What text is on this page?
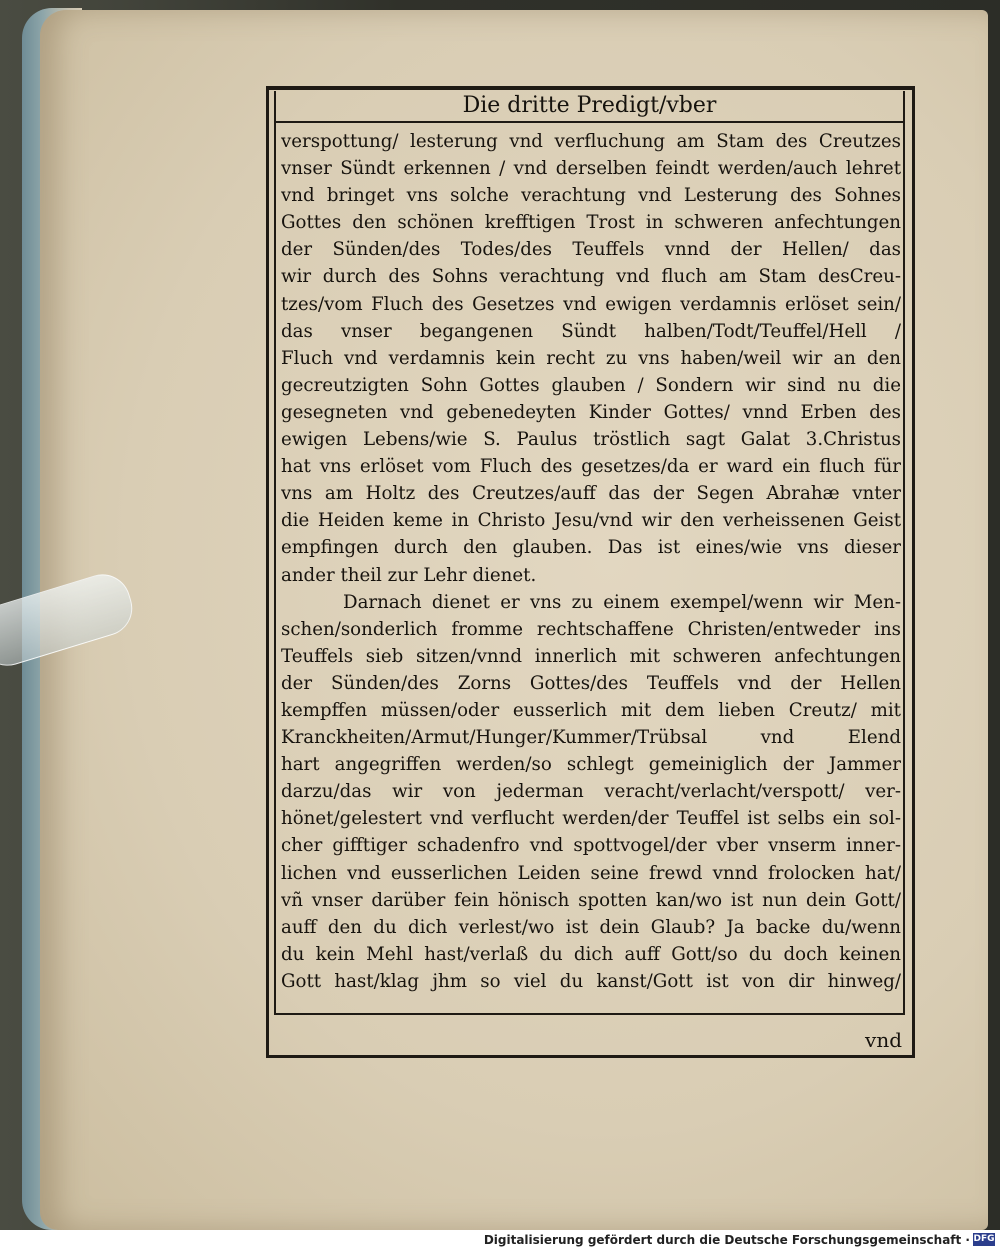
Die dritte Predigt/vber
verspottung/ lesterung vnd verfluchung am Stam des Creutzes
vnser Sündt erkennen / vnd derselben feindt werden/auch lehret
vnd bringet vns solche verachtung vnd Lesterung des Sohnes
Gottes den schönen krefftigen Trost in schweren anfechtungen
der Sünden/des Todes/des Teuffels vnnd der Hellen/ das
wir durch des Sohns verachtung vnd fluch am Stam desCreu-
tzes/vom Fluch des Gesetzes vnd ewigen verdamnis erlöset sein/
das vnser begangenen Sündt halben/Todt/Teuffel/Hell /
Fluch vnd verdamnis kein recht zu vns haben/weil wir an den
gecreutzigten Sohn Gottes glauben / Sondern wir sind nu die
gesegneten vnd gebenedeyten Kinder Gottes/ vnnd Erben des
ewigen Lebens/wie S. Paulus tröstlich sagt Galat 3.Christus
hat vns erlöset vom Fluch des gesetzes/da er ward ein fluch für
vns am Holtz des Creutzes/auff das der Segen Abrahæ vnter
die Heiden keme in Christo Jesu/vnd wir den verheissenen Geist
empfingen durch den glauben. Das ist eines/wie vns dieser
ander theil zur Lehr dienet.
Darnach dienet er vns zu einem exempel/wenn wir Men-
schen/sonderlich fromme rechtschaffene Christen/entweder ins
Teuffels sieb sitzen/vnnd innerlich mit schweren anfechtungen
der Sünden/des Zorns Gottes/des Teuffels vnd der Hellen
kempffen müssen/oder eusserlich mit dem lieben Creutz/ mit
Kranckheiten/Armut/Hunger/Kummer/Trübsal vnd Elend
hart angegriffen werden/so schlegt gemeiniglich der Jammer
darzu/das wir von jederman veracht/verlacht/verspott/ ver-
hönet/gelestert vnd verflucht werden/der Teuffel ist selbs ein sol-
cher gifftiger schadenfro vnd spottvogel/der vber vnserm inner-
lichen vnd eusserlichen Leiden seine frewd vnnd frolocken hat/
vñ vnser darüber fein hönisch spotten kan/wo ist nun dein Gott/
auff den du dich verlest/wo ist dein Glaub? Ja backe du/wenn
du kein Mehl hast/verlaß du dich auff Gott/so du doch keinen
Gott hast/klag jhm so viel du kanst/Gott ist von dir hinweg/
vnd
Digitalisierung gefördert durch die Deutsche Forschungsgemeinschaft · DFG
